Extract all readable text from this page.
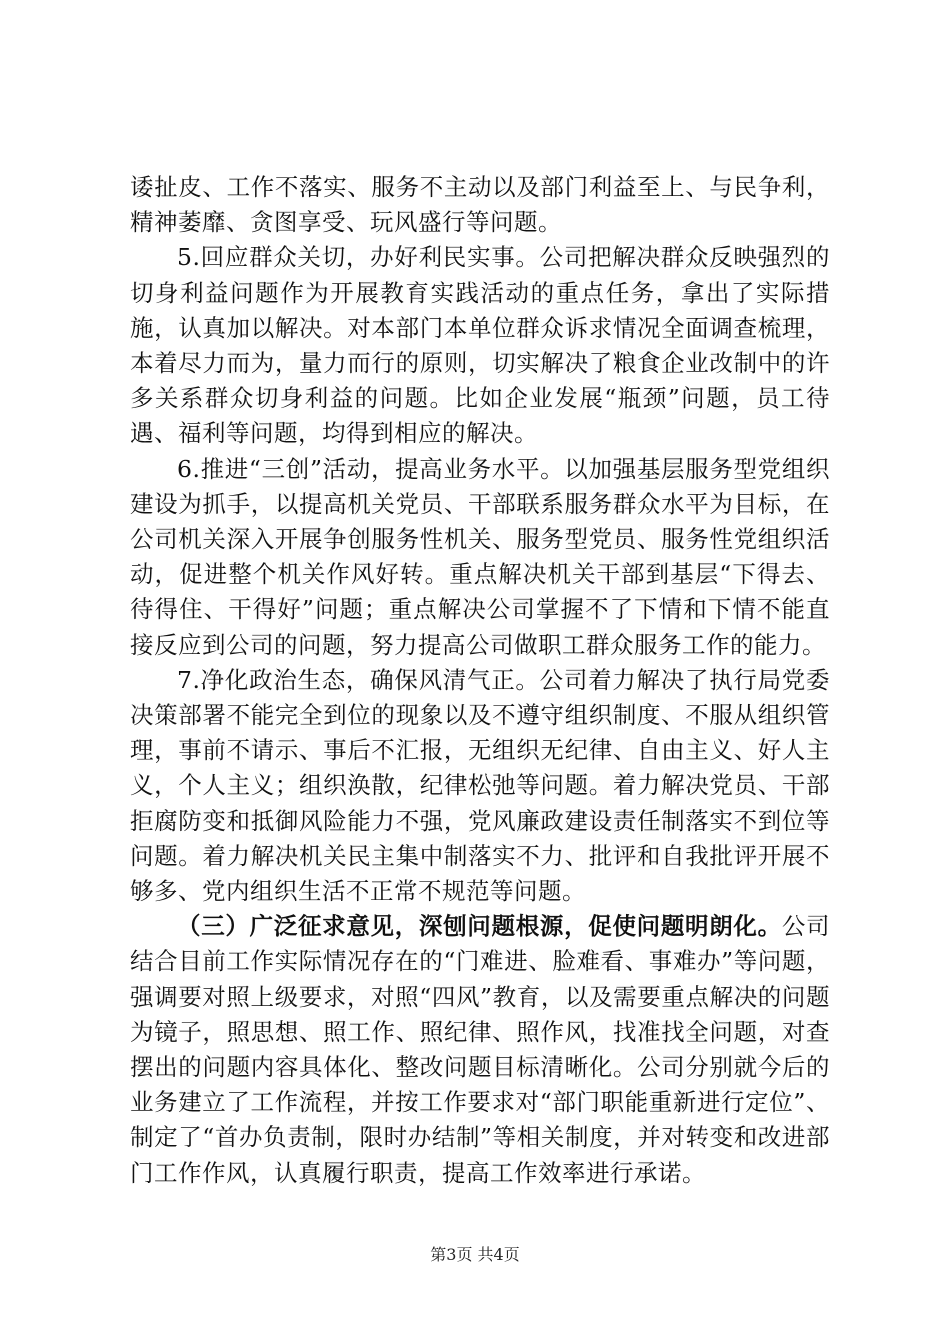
诿扯皮、工作不落实、服务不主动以及部门利益至上、与民争利，精神萎靡、贪图享受、玩风盛行等问题。

5.回应群众关切，办好利民实事。公司把解决群众反映强烈的切身利益问题作为开展教育实践活动的重点任务，拿出了实际措施，认真加以解决。对本部门本单位群众诉求情况全面调查梳理，本着尽力而为，量力而行的原则，切实解决了粮食企业改制中的许多关系群众切身利益的问题。比如企业发展“瓶颈”问题，员工待遇、福利等问题，均得到相应的解决。

6.推进“三创”活动，提高业务水平。以加强基层服务型党组织建设为抓手，以提高机关党员、干部联系服务群众水平为目标，在公司机关深入开展争创服务性机关、服务型党员、服务性党组织活动，促进整个机关作风好转。重点解决机关干部到基层“下得去、待得住、干得好”问题；重点解决公司掌握不了下情和下情不能直接反应到公司的问题，努力提高公司做职工群众服务工作的能力。

7.净化政治生态，确保风清气正。公司着力解决了执行局党委决策部署不能完全到位的现象以及不遵守组织制度、不服从组织管理，事前不请示、事后不汇报，无组织无纪律、自由主义、好人主义，个人主义；组织涣散，纪律松弛等问题。着力解决党员、干部拒腐防变和抵御风险能力不强，党风廉政建设责任制落实不到位等问题。着力解决机关民主集中制落实不力、批评和自我批评开展不够多、党内组织生活不正常不规范等问题。

（三）广泛征求意见，深刨问题根源，促使问题明朗化。公司结合目前工作实际情况存在的“门难进、脸难看、事难办”等问题，强调要对照上级要求，对照“四风”教育，以及需要重点解决的问题为镜子，照思想、照工作、照纪律、照作风，找准找全问题，对查摆出的问题内容具体化、整改问题目标清晰化。公司分别就今后的业务建立了工作流程，并按工作要求对“部门职能重新进行定位”、制定了“首办负责制，限时办结制”等相关制度，并对转变和改进部门工作作风，认真履行职责，提高工作效率进行承诺。

第3页 共4页
